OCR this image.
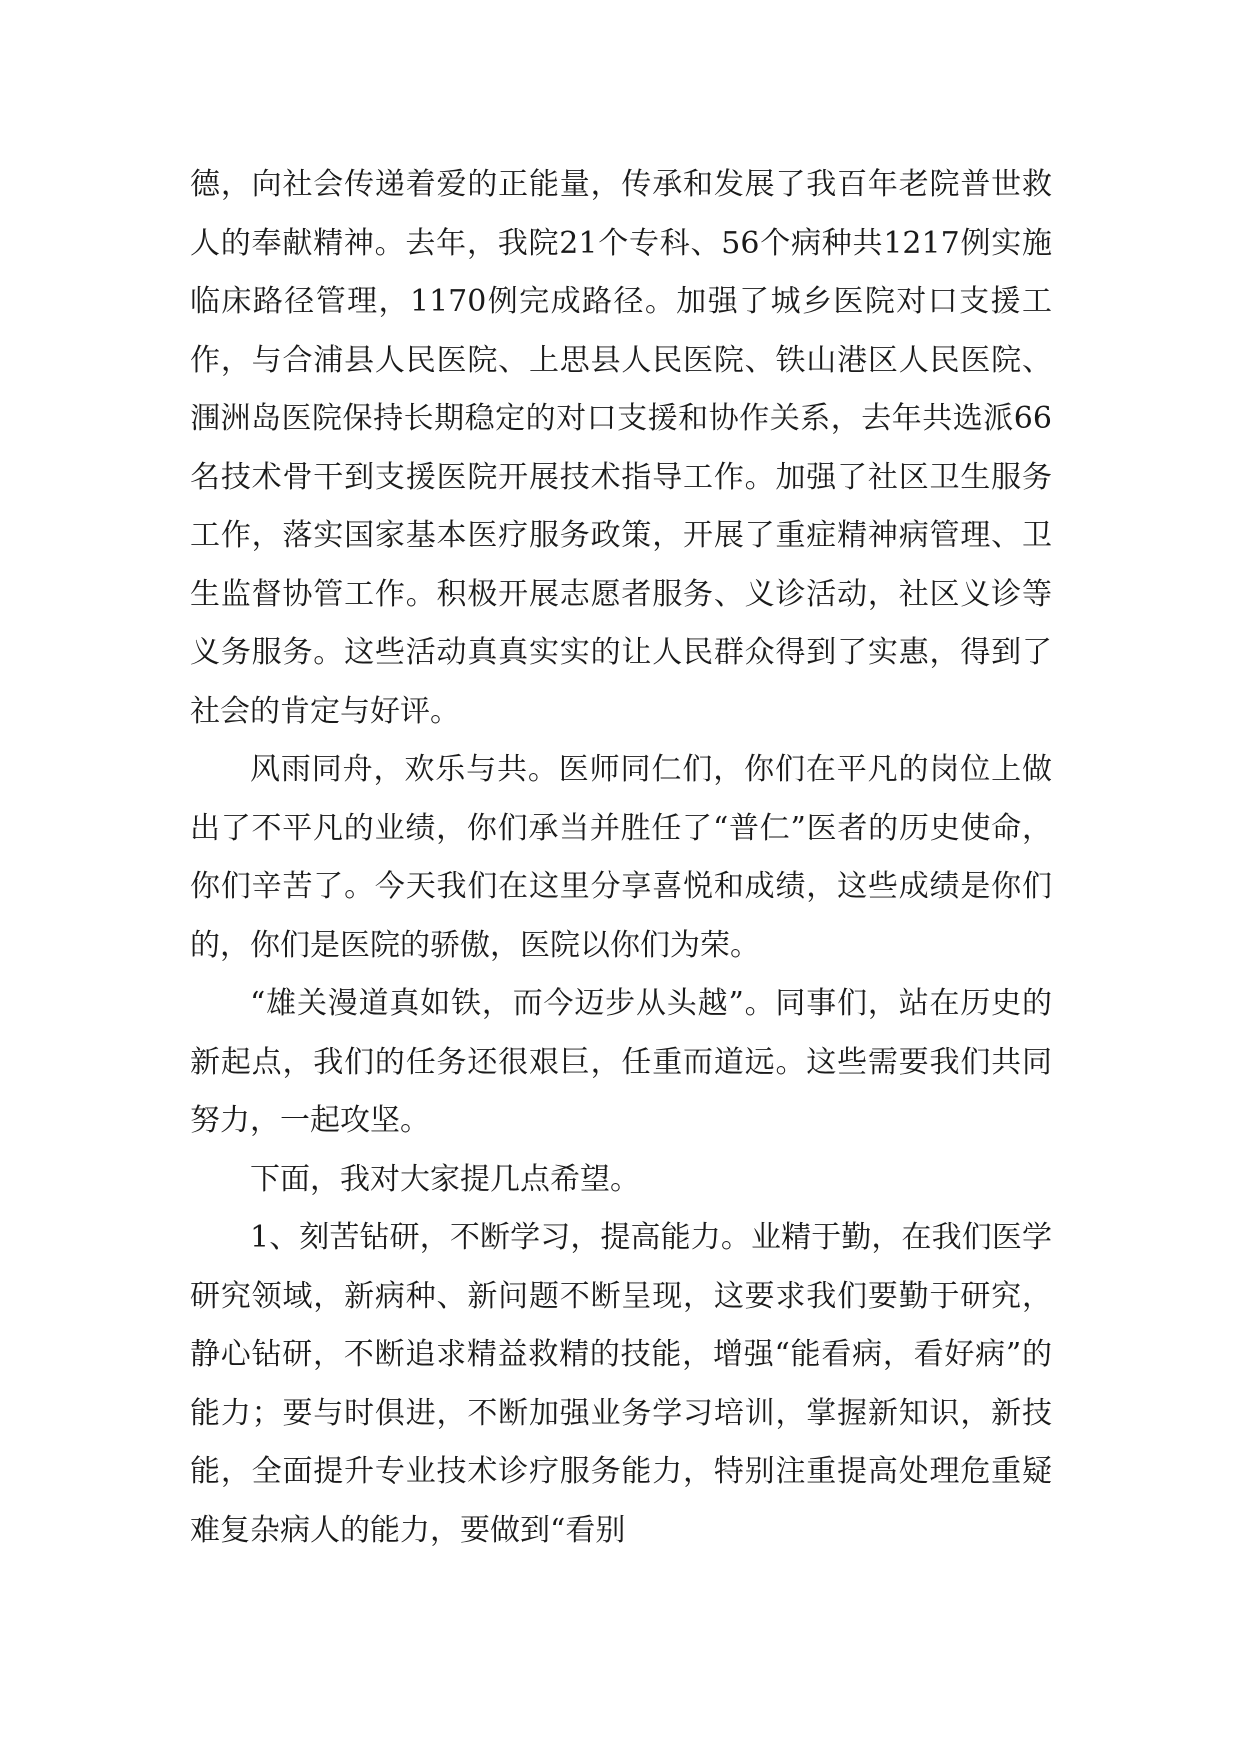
德，向社会传递着爱的正能量，传承和发展了我百年老院普世救人的奉献精神。去年，我院21个专科、56个病种共1217例实施临床路径管理，1170例完成路径。加强了城乡医院对口支援工作，与合浦县人民医院、上思县人民医院、铁山港区人民医院、涠洲岛医院保持长期稳定的对口支援和协作关系，去年共选派66名技术骨干到支援医院开展技术指导工作。加强了社区卫生服务工作，落实国家基本医疗服务政策，开展了重症精神病管理、卫生监督协管工作。积极开展志愿者服务、义诊活动，社区义诊等义务服务。这些活动真真实实的让人民群众得到了实惠，得到了社会的肯定与好评。

风雨同舟，欢乐与共。医师同仁们，你们在平凡的岗位上做出了不平凡的业绩，你们承当并胜任了“普仁”医者的历史使命，你们辛苦了。今天我们在这里分享喜悦和成绩，这些成绩是你们的，你们是医院的骄傲，医院以你们为荣。

“雄关漫道真如铁，而今迈步从头越”。同事们，站在历史的新起点，我们的任务还很艰巨，任重而道远。这些需要我们共同努力，一起攻坚。

下面，我对大家提几点希望。

1、刻苦钻研，不断学习，提高能力。业精于勤，在我们医学研究领域，新病种、新问题不断呈现，这要求我们要勤于研究，静心钻研，不断追求精益救精的技能，增强“能看病，看好病”的能力；要与时俱进，不断加强业务学习培训，掌握新知识，新技能，全面提升专业技术诊疗服务能力，特别注重提高处理危重疑难复杂病人的能力，要做到“看别
